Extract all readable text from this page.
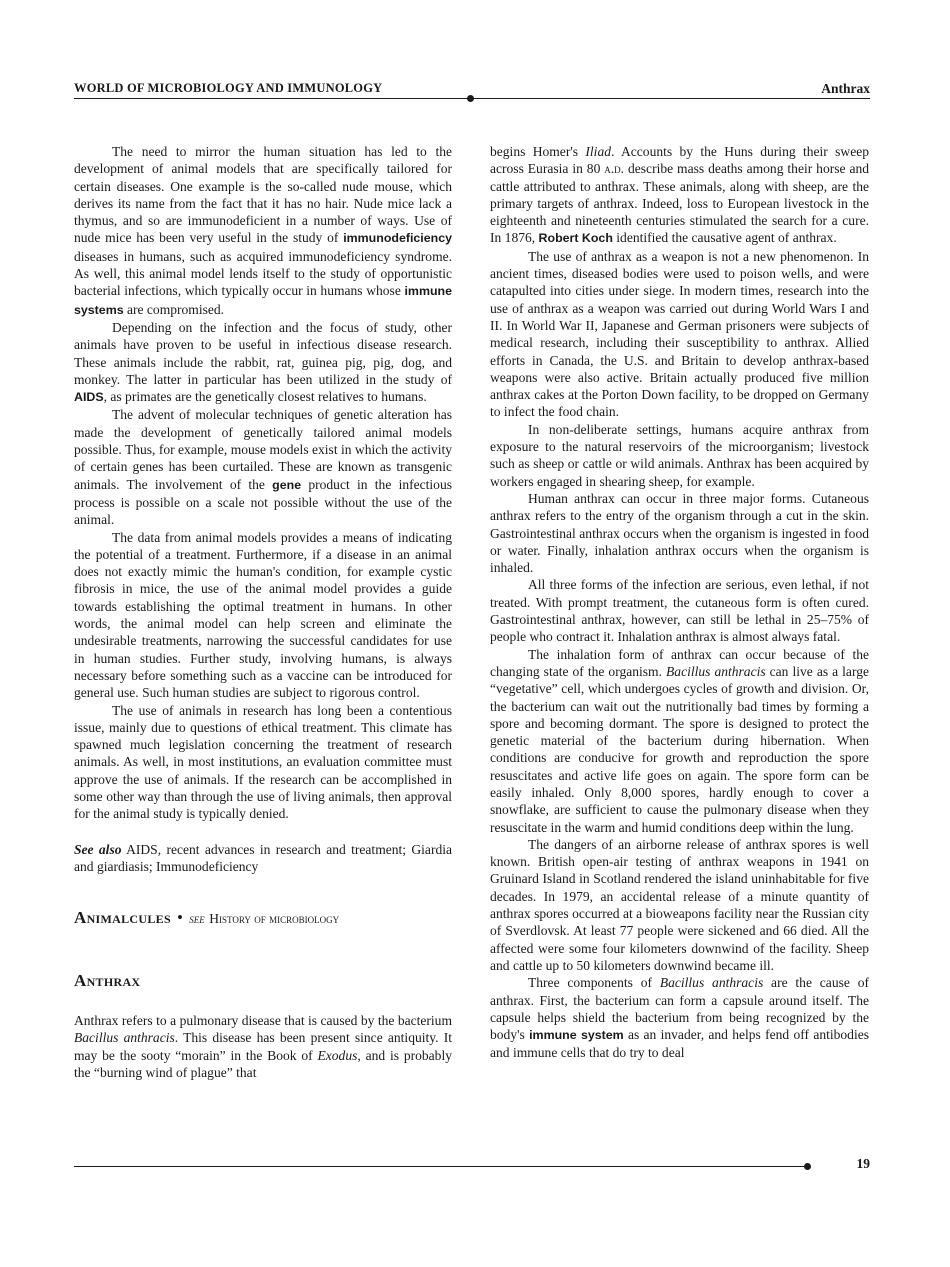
WORLD OF MICROBIOLOGY AND IMMUNOLOGY	Anthrax

The need to mirror the human situation has led to the development of animal models that are specifically tailored for certain diseases. One example is the so-called nude mouse, which derives its name from the fact that it has no hair. Nude mice lack a thymus, and so are immunodeficient in a number of ways. Use of nude mice has been very useful in the study of immunodeficiency diseases in humans, such as acquired immunodeficiency syndrome. As well, this animal model lends itself to the study of opportunistic bacterial infections, which typically occur in humans whose immune systems are compromised.

Depending on the infection and the focus of study, other animals have proven to be useful in infectious disease research. These animals include the rabbit, rat, guinea pig, pig, dog, and monkey. The latter in particular has been utilized in the study of AIDS, as primates are the genetically closest relatives to humans.

The advent of molecular techniques of genetic alteration has made the development of genetically tailored animal models possible. Thus, for example, mouse models exist in which the activity of certain genes has been curtailed. These are known as transgenic animals. The involvement of the gene product in the infectious process is possible on a scale not possible without the use of the animal.

The data from animal models provides a means of indicating the potential of a treatment. Furthermore, if a disease in an animal does not exactly mimic the human's condition, for example cystic fibrosis in mice, the use of the animal model provides a guide towards establishing the optimal treatment in humans. In other words, the animal model can help screen and eliminate the undesirable treatments, narrowing the successful candidates for use in human studies. Further study, involving humans, is always necessary before something such as a vaccine can be introduced for general use. Such human studies are subject to rigorous control.

The use of animals in research has long been a contentious issue, mainly due to questions of ethical treatment. This climate has spawned much legislation concerning the treatment of research animals. As well, in most institutions, an evaluation committee must approve the use of animals. If the research can be accomplished in some other way than through the use of living animals, then approval for the animal study is typically denied.

See also AIDS, recent advances in research and treatment; Giardia and giardiasis; Immunodeficiency

Animalcules • see History of microbiology
Anthrax

Anthrax refers to a pulmonary disease that is caused by the bacterium Bacillus anthracis. This disease has been present since antiquity. It may be the sooty “morain” in the Book of Exodus, and is probably the “burning wind of plague” that

begins Homer's Iliad. Accounts by the Huns during their sweep across Eurasia in 80 a.d. describe mass deaths among their horse and cattle attributed to anthrax. These animals, along with sheep, are the primary targets of anthrax. Indeed, loss to European livestock in the eighteenth and nineteenth centuries stimulated the search for a cure. In 1876, Robert Koch identified the causative agent of anthrax.

The use of anthrax as a weapon is not a new phenomenon. In ancient times, diseased bodies were used to poison wells, and were catapulted into cities under siege. In modern times, research into the use of anthrax as a weapon was carried out during World Wars I and II. In World War II, Japanese and German prisoners were subjects of medical research, including their susceptibility to anthrax. Allied efforts in Canada, the U.S. and Britain to develop anthrax-based weapons were also active. Britain actually produced five million anthrax cakes at the Porton Down facility, to be dropped on Germany to infect the food chain.

In non-deliberate settings, humans acquire anthrax from exposure to the natural reservoirs of the microorganism; livestock such as sheep or cattle or wild animals. Anthrax has been acquired by workers engaged in shearing sheep, for example.

Human anthrax can occur in three major forms. Cutaneous anthrax refers to the entry of the organism through a cut in the skin. Gastrointestinal anthrax occurs when the organism is ingested in food or water. Finally, inhalation anthrax occurs when the organism is inhaled.

All three forms of the infection are serious, even lethal, if not treated. With prompt treatment, the cutaneous form is often cured. Gastrointestinal anthrax, however, can still be lethal in 25–75% of people who contract it. Inhalation anthrax is almost always fatal.

The inhalation form of anthrax can occur because of the changing state of the organism. Bacillus anthracis can live as a large “vegetative” cell, which undergoes cycles of growth and division. Or, the bacterium can wait out the nutritionally bad times by forming a spore and becoming dormant. The spore is designed to protect the genetic material of the bacterium during hibernation. When conditions are conducive for growth and reproduction the spore resuscitates and active life goes on again. The spore form can be easily inhaled. Only 8,000 spores, hardly enough to cover a snowflake, are sufficient to cause the pulmonary disease when they resuscitate in the warm and humid conditions deep within the lung.

The dangers of an airborne release of anthrax spores is well known. British open-air testing of anthrax weapons in 1941 on Gruinard Island in Scotland rendered the island uninhabitable for five decades. In 1979, an accidental release of a minute quantity of anthrax spores occurred at a bioweapons facility near the Russian city of Sverdlovsk. At least 77 people were sickened and 66 died. All the affected were some four kilometers downwind of the facility. Sheep and cattle up to 50 kilometers downwind became ill.

Three components of Bacillus anthracis are the cause of anthrax. First, the bacterium can form a capsule around itself. The capsule helps shield the bacterium from being recognized by the body's immune system as an invader, and helps fend off antibodies and immune cells that do try to deal

19
